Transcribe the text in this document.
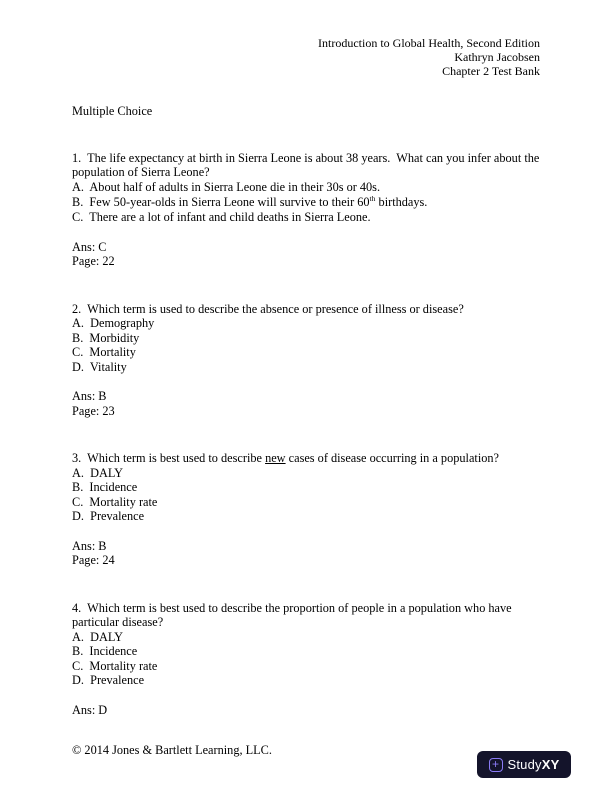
Introduction to Global Health, Second Edition
Kathryn Jacobsen
Chapter 2 Test Bank
Multiple Choice

1.  The life expectancy at birth in Sierra Leone is about 38 years.  What can you infer about the population of Sierra Leone?

A.  About half of adults in Sierra Leone die in their 30s or 40s.

B.  Few 50-year-olds in Sierra Leone will survive to their 60th birthdays.

C.  There are a lot of infant and child deaths in Sierra Leone.

Ans: C

Page: 22

2.  Which term is used to describe the absence or presence of illness or disease?

A.  Demography

B.  Morbidity

C.  Mortality

D.  Vitality

Ans: B

Page: 23

3.  Which term is best used to describe new cases of disease occurring in a population?

A.  DALY

B.  Incidence

C.  Mortality rate

D.  Prevalence

Ans: B

Page: 24

4.  Which term is best used to describe the proportion of people in a population who have particular disease?

A.  DALY

B.  Incidence

C.  Mortality rate

D.  Prevalence

Ans: D

© 2014 Jones & Bartlett Learning, LLC.
+ StudyXY
